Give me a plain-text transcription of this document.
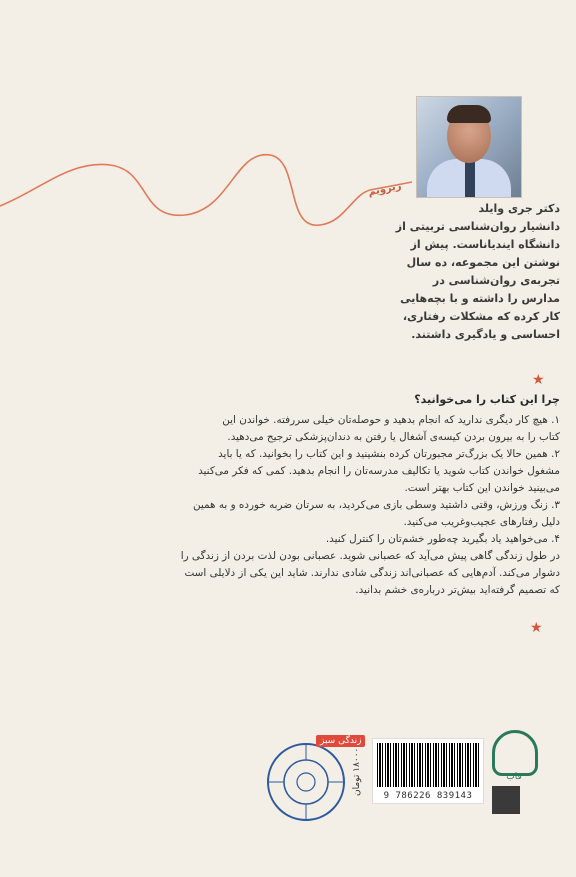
زیرویم
دکتر جری وایلد
دانشیار روان‌شناسی تربیتی از
دانشگاه ایندیاناست. پیش از
نوشتن این مجموعه، ده سال
تجربه‌ی روان‌شناسی در
مدارس را داشته و با بچه‌هایی
کار کرده که مشکلات رفتاری،
احساسی و یادگیری داشتند.
★
چرا این کتاب را می‌خوانید؟

۱. هیچ کار دیگری ندارید که انجام بدهید و حوصله‌تان خیلی سررفته. خواندن این

کتاب را به بیرون بردن کیسه‌ی آشغال یا رفتن به دندان‌پزشکی ترجیح می‌دهید.

۲. همین حالا یک بزرگ‌تر مجبورتان کرده بنشینید و این کتاب را بخوانید. که یا باید

مشغول خواندن کتاب شوید یا تکالیف مدرسه‌تان را انجام بدهید. کمی که فکر می‌کنید

می‌بینید خواندن این کتاب بهتر است.

۳. زنگ ورزش، وقتی داشتید وسطی بازی می‌کردید، به سرتان ضربه خورده و به همین

دلیل رفتارهای عجیب‌وغریب می‌کنید.

۴. می‌خواهید یاد بگیرید چه‌طور خشم‌تان را کنترل کنید.

در طول زندگی گاهی پیش می‌آید که عصبانی شوید. عصبانی بودن لذت بردن از زندگی را

دشوار می‌کند. آدم‌هایی که عصبانی‌اند زندگی شادی ندارند. شاید این یکی از دلایلی است

که تصمیم گرفته‌اید بیش‌تر درباره‌ی خشم بدانید.

★
زندگی سبز
۱۸۰۰۰ تومان
9 786226 839143
قاب
